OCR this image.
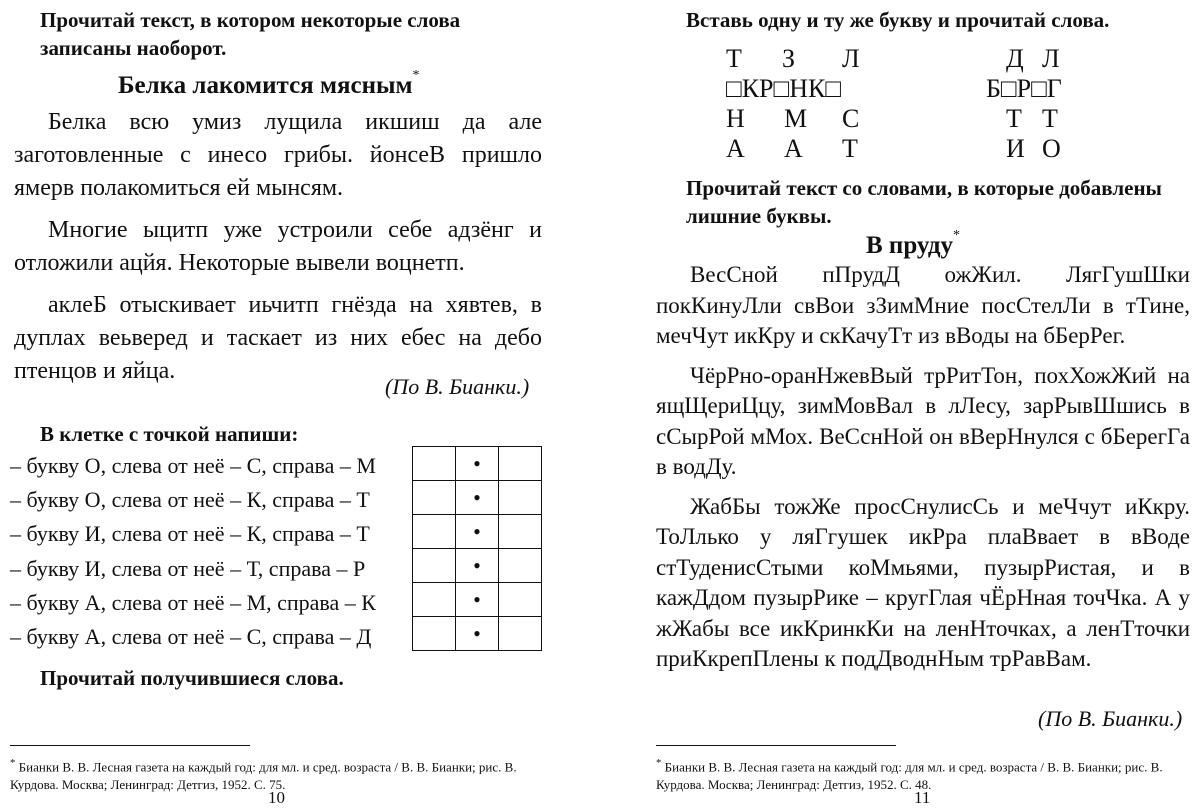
Прочитай текст, в котором некоторые слова записаны наоборот.
Белка лакомится мясным*

Белка всю умиз лущила икшиш да але заготовленные с инесо грибы. йонсеВ пришло ямерв полакомиться ей мынсям.

Многие ыцитп уже устроили себе адзёнг и отложили ацйя. Некоторые вывели воцнетп.

аклеБ отыскивает иьчитп гнёзда на хявтев, в дуплах веьверед и таскает из них ебес на дебо птенцов и яйца.

(По В. Бианки.)
В клетке с точкой напиши:
– букву О, слева от неё – С, справа – М
– букву О, слева от неё – К, справа – Т
– букву И, слева от неё – К, справа – Т
– букву И, слева от неё – Т, справа – Р
– букву А, слева от неё – М, справа – К
– букву А, слева от неё – С, справа – Д
	•	
	•	
	•	
	•	
	•	
	•	
Прочитай получившиеся слова.
* Бианки В. В. Лесная газета на каждый год: для мл. и сред. возраста / В. В. Бианки; рис. В. Курдова. Москва; Ленинград: Детгиз, 1952. С. 75.
10
Вставь одну и ту же букву и прочитай слова.
Т З Л	Д Л
□КР□НК□	Б□Р□Г
Н М С	Т Т
А А Т	И О
Прочитай текст со словами, в которые добавлены лишние буквы.
В пруду*

ВесСной пПрудД ожЖил. ЛягГушШки покКинуЛли свВои зЗимМние посСтелЛи в тТине, мечЧут икКру и скКачуТт из вВоды на бБерРег.

ЧёрРно-оранНжевВый трРитТон, похХожЖий на ящЩериЦцу, зимМовВал в лЛесу, зарРывШшись в сСырРой мМох. ВеСснНой он вВерНнулся с бБерегГа в водДу.

ЖабБы тожЖе просСнулисСь и меЧчут иКкру. ТоЛлько у ляГгушек икРра плаВвает в вВоде стТуденисСтыми коМмьями, пузырРистая, и в кажДдом пузырРике – кругГлая чЁрНная точЧка. А у жЖабы все икКринкКи на ленНточках, а ленТточки приКкрепПлены к подДводнНым трРавВам.

(По В. Бианки.)
* Бианки В. В. Лесная газета на каждый год: для мл. и сред. возраста / В. В. Бианки; рис. В. Курдова. Москва; Ленинград: Детгиз, 1952. С. 48.
11
